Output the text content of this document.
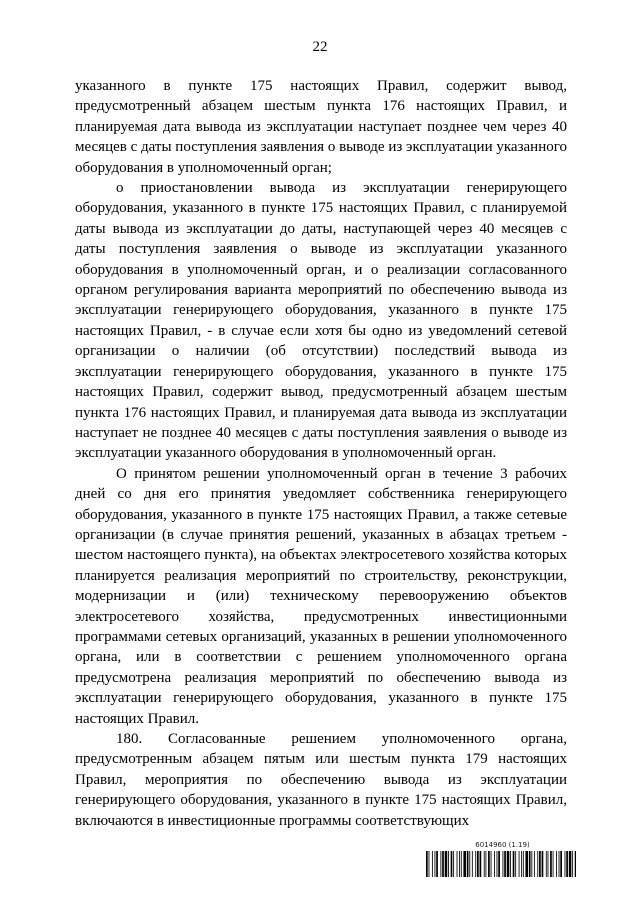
22

указанного в пункте 175 настоящих Правил, содержит вывод, предусмотренный абзацем шестым пункта 176 настоящих Правил, и планируемая дата вывода из эксплуатации наступает позднее чем через 40 месяцев с даты поступления заявления о выводе из эксплуатации указанного оборудования в уполномоченный орган;

о приостановлении вывода из эксплуатации генерирующего оборудования, указанного в пункте 175 настоящих Правил, с планируемой даты вывода из эксплуатации до даты, наступающей через 40 месяцев с даты поступления заявления о выводе из эксплуатации указанного оборудования в уполномоченный орган, и о реализации согласованного органом регулирования варианта мероприятий по обеспечению вывода из эксплуатации генерирующего оборудования, указанного в пункте 175 настоящих Правил, - в случае если хотя бы одно из уведомлений сетевой организации о наличии (об отсутствии) последствий вывода из эксплуатации генерирующего оборудования, указанного в пункте 175 настоящих Правил, содержит вывод, предусмотренный абзацем шестым пункта 176 настоящих Правил, и планируемая дата вывода из эксплуатации наступает не позднее 40 месяцев с даты поступления заявления о выводе из эксплуатации указанного оборудования в уполномоченный орган.

О принятом решении уполномоченный орган в течение 3 рабочих дней со дня его принятия уведомляет собственника генерирующего оборудования, указанного в пункте 175 настоящих Правил, а также сетевые организации (в случае принятия решений, указанных в абзацах третьем - шестом настоящего пункта), на объектах электросетевого хозяйства которых планируется реализация мероприятий по строительству, реконструкции, модернизации и (или) техническому перевооружению объектов электросетевого хозяйства, предусмотренных инвестиционными программами сетевых организаций, указанных в решении уполномоченного органа, или в соответствии с решением уполномоченного органа предусмотрена реализация мероприятий по обеспечению вывода из эксплуатации генерирующего оборудования, указанного в пункте 175 настоящих Правил.

180. Согласованные решением уполномоченного органа, предусмотренным абзацем пятым или шестым пункта 179 настоящих Правил, мероприятия по обеспечению вывода из эксплуатации генерирующего оборудования, указанного в пункте 175 настоящих Правил, включаются в инвестиционные программы соответствующих

6014960 (1.19)
